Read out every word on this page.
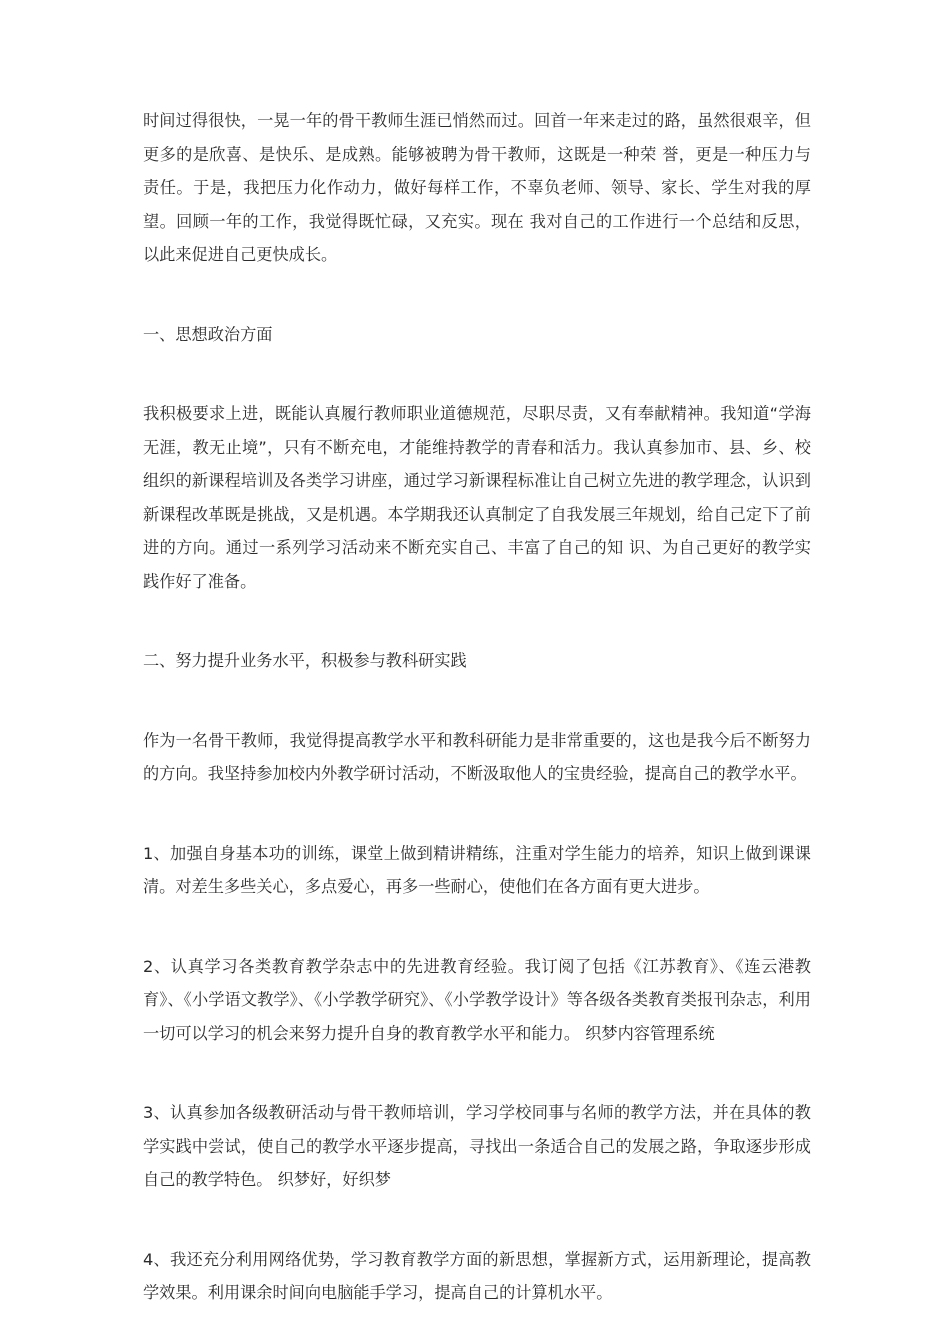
时间过得很快，一晃一年的骨干教师生涯已悄然而过。回首一年来走过的路，虽然很艰辛，但更多的是欣喜、是快乐、是成熟。能够被聘为骨干教师，这既是一种荣 誉，更是一种压力与责任。于是，我把压力化作动力，做好每样工作，不辜负老师、领导、家长、学生对我的厚望。回顾一年的工作，我觉得既忙碌，又充实。现在 我对自己的工作进行一个总结和反思，以此来促进自己更快成长。

一、思想政治方面

我积极要求上进，既能认真履行教师职业道德规范，尽职尽责，又有奉献精神。我知道“学海无涯，教无止境”，只有不断充电，才能维持教学的青春和活力。我认真参加市、县、乡、校组织的新课程培训及各类学习讲座，通过学习新课程标准让自己树立先进的教学理念，认识到新课程改革既是挑战，又是机遇。本学期我还认真制定了自我发展三年规划，给自己定下了前进的方向。通过一系列学习活动来不断充实自己、丰富了自己的知 识、为自己更好的教学实践作好了准备。

二、努力提升业务水平，积极参与教科研实践

作为一名骨干教师，我觉得提高教学水平和教科研能力是非常重要的，这也是我今后不断努力的方向。我坚持参加校内外教学研讨活动，不断汲取他人的宝贵经验，提高自己的教学水平。

1、加强自身基本功的训练，课堂上做到精讲精练，注重对学生能力的培养，知识上做到课课清。对差生多些关心，多点爱心，再多一些耐心，使他们在各方面有更大进步。

2、认真学习各类教育教学杂志中的先进教育经验。我订阅了包括《江苏教育》、《连云港教育》、《小学语文教学》、《小学教学研究》、《小学教学设计》等各级各类教育类报刊杂志，利用一切可以学习的机会来努力提升自身的教育教学水平和能力。 织梦内容管理系统

3、认真参加各级教研活动与骨干教师培训，学习学校同事与名师的教学方法，并在具体的教学实践中尝试，使自己的教学水平逐步提高，寻找出一条适合自己的发展之路，争取逐步形成自己的教学特色。 织梦好，好织梦

4、我还充分利用网络优势，学习教育教学方面的新思想，掌握新方式，运用新理论，提高教学效果。利用课余时间向电脑能手学习，提高自己的计算机水平。
